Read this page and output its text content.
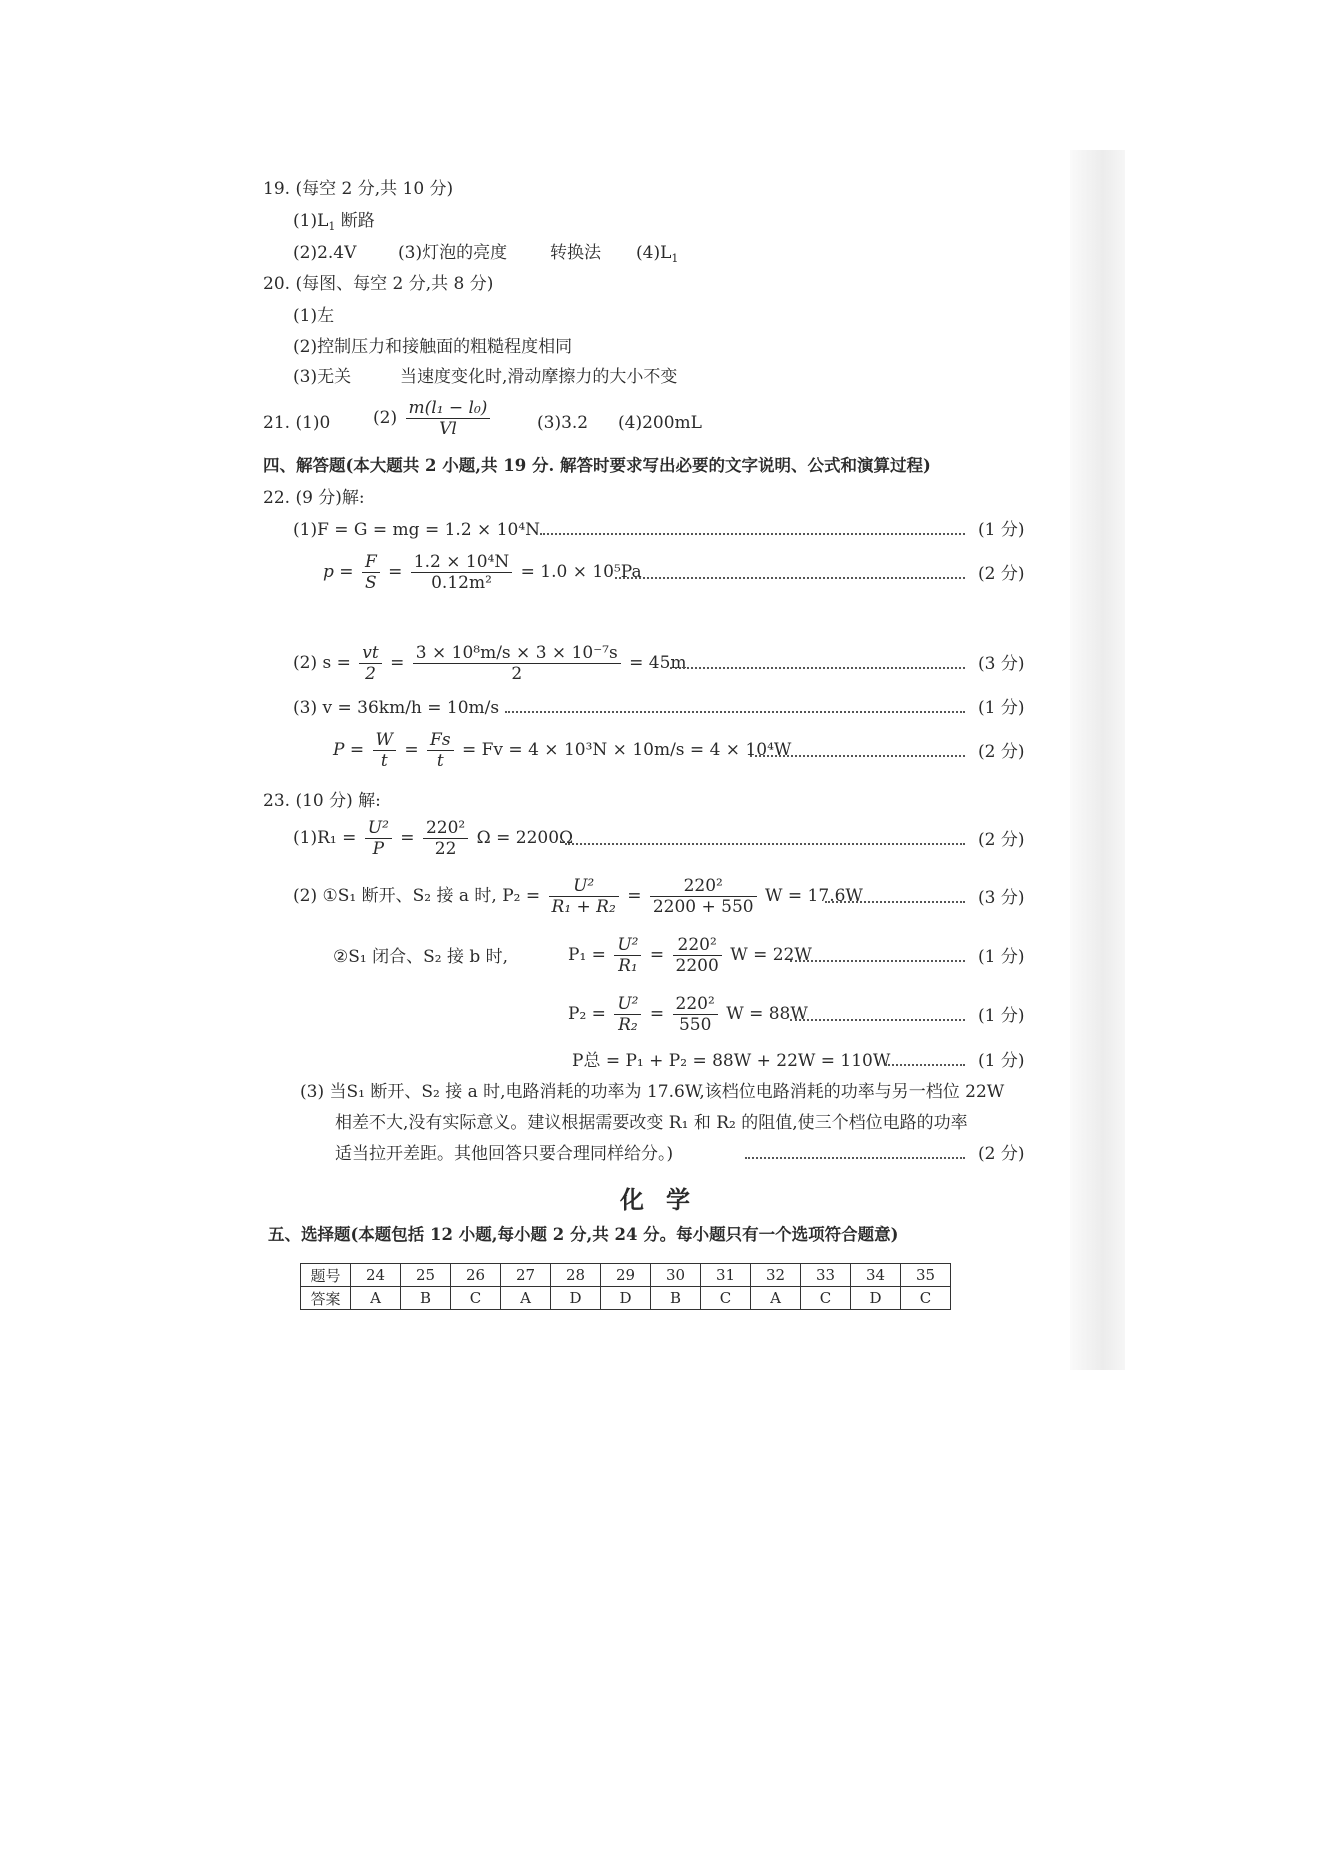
19. (每空 2 分,共 10 分)
$(1)L_1$ 断路
(2)2.4V (3)灯泡的亮度	转换法 $(4)L_1$
20. (每图、每空 2 分,共 8 分)
(1)左
(2)控制压力和接触面的粗糙程度相同
(3)无关	当速度变化时,滑动摩擦力的大小不变
21. (1)0	$(2) \frac{\text{m(l₁ − l₀)}}{Vl}$	(3)3.2 (4)200mL
四、解答题(本大题共 2 小题,共 19 分. 解答时要求写出必要的文字说明、公式和演算过程)
22. (9 分)解:
(1)F = G = mg = 1.2 × 10⁴N	(1 分)
$p = \frac{F}{S} = \frac{\text{1.2 × 10⁴N}}{\text{0.12m²}} = 1.0 \times 10^5Pa$	(2 分)
(2) $s = \frac{vt}{2} = \frac{\text{3 × 10⁸m/s × 3 × 10⁻⁷s}}{2} = 45m$	(3 分)
(3) v = 36km/h = 10m/s	(1 分)
$P = \frac{W}{t} = \frac{Fs}{t} = Fv = 4 \times 10^3N \times 10m/s = 4 \times 10^4W$	(2 分)
23. (10 分) 解:
$(1)R_1 = \frac{\text{U²}}{P} = \frac{\text{220²}}{22}$ Ω = 2200Ω	(2 分)
(2) ①S₁ 断开、S₂ 接 a 时, $P_2 = \frac{\text{U²}}{\text{R₁ + R₂}} = \frac{\text{220²}}{2200 + 550}$ W = 17.6W	(3 分)
②S₁ 闭合、S₂ 接 b 时,	$P_1 = \frac{\text{U²}}{\text{R₁}} = \frac{\text{220²}}{2200}$ W = 22W	(1 分)
$P_2 = \frac{\text{U²}}{\text{R₂}} = \frac{\text{220²}}{550}$ W = 88W	(1 分)
P总 = P₁ + P₂ = 88W + 22W = 110W	(1 分)
(3) 当S₁ 断开、S₂ 接 a 时,电路消耗的功率为 17.6W,该档位电路消耗的功率与另一档位 22W
相差不大,没有实际意义。建议根据需要改变 R₁ 和 R₂ 的阻值,使三个档位电路的功率
适当拉开差距。其他回答只要合理同样给分。)	(2 分)
化学
五、选择题(本题包括 12 小题,每小题 2 分,共 24 分。每小题只有一个选项符合题意)
题号	24	25	26	27	28	29	30	31	32	33	34	35
答案	A	B	C	A	D	D	B	C	A	C	D	C
